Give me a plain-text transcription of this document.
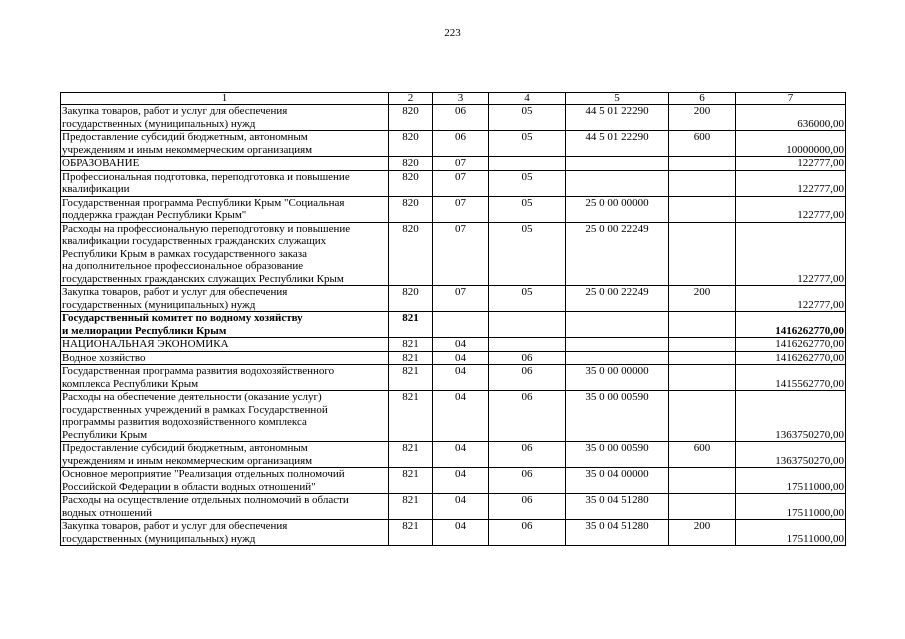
223
1	2	3	4	5	6	7

Закупка товаров, работ и услуг для обеспечения
государственных (муниципальных) нужд	820	06	05	44 5 01 22290	200	636000,00

Предоставление субсидий бюджетным, автономным
учреждениям и иным некоммерческим организациям	820	06	05	44 5 01 22290	600	10000000,00

ОБРАЗОВАНИЕ	820	07				122777,00

Профессиональная подготовка, переподготовка и повышение
квалификации	820	07	05			122777,00

Государственная программа Республики Крым "Социальная
поддержка граждан Республики Крым"	820	07	05	25 0 00 00000		122777,00

Расходы на профессиональную переподготовку и повышение
квалификации государственных гражданских служащих
Республики Крым в рамках государственного заказа
на дополнительное профессиональное образование
государственных гражданских служащих Республики Крым	820	07	05	25 0 00 22249		122777,00

Закупка товаров, работ и услуг для обеспечения
государственных (муниципальных) нужд	820	07	05	25 0 00 22249	200	122777,00

Государственный комитет по водному хозяйству
и мелиорации Республики Крым	821					1416262770,00

НАЦИОНАЛЬНАЯ ЭКОНОМИКА	821	04				1416262770,00

Водное хозяйство	821	04	06			1416262770,00

Государственная программа развития водохозяйственного
комплекса Республики Крым	821	04	06	35 0 00 00000		1415562770,00

Расходы на обеспечение деятельности (оказание услуг)
государственных учреждений в рамках Государственной
программы развития водохозяйственного комплекса
Республики Крым	821	04	06	35 0 00 00590		1363750270,00

Предоставление субсидий бюджетным, автономным
учреждениям и иным некоммерческим организациям	821	04	06	35 0 00 00590	600	1363750270,00

Основное мероприятие "Реализация отдельных полномочий
Российской Федерации в области водных отношений"	821	04	06	35 0 04 00000		17511000,00

Расходы на осуществление отдельных полномочий в области
водных отношений	821	04	06	35 0 04 51280		17511000,00

Закупка товаров, работ и услуг для обеспечения
государственных (муниципальных) нужд	821	04	06	35 0 04 51280	200	17511000,00
